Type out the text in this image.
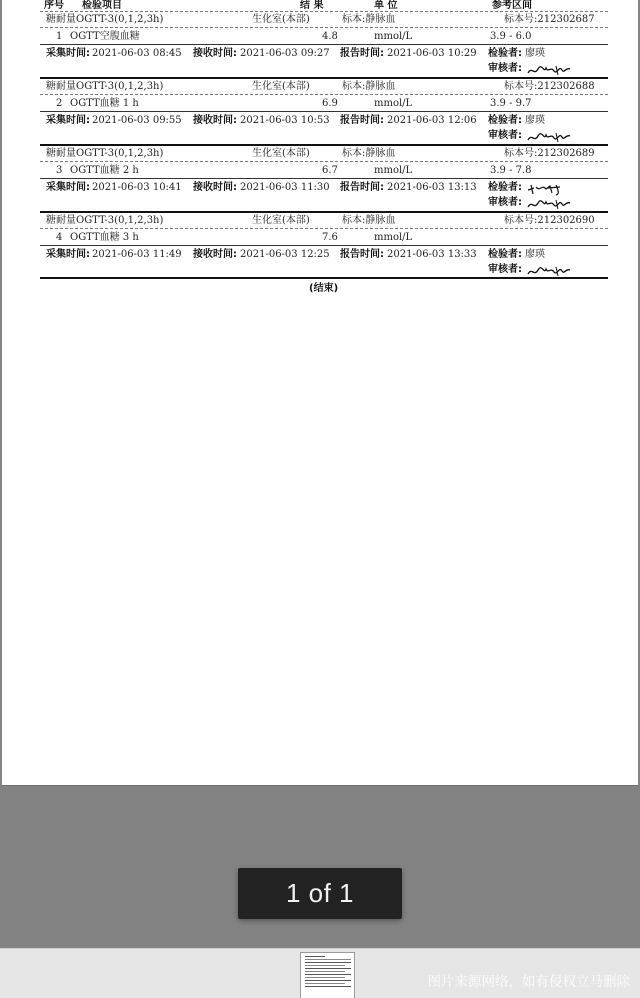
序号 检验项目	结 果	单 位	参考区间
糖耐量OGTT-3(0,1,2,3h)	生化室(本部)	标本:静脉血	标本号:212302687
1 OGTT空腹血糖	4.8	mmol/L	3.9 - 6.0
采集时间: 2021-06-03 08:45 接收时间: 2021-06-03 09:27 报告时间: 2021-06-03 10:29 检验者: 廖瑛
审核者:
糖耐量OGTT-3(0,1,2,3h)	生化室(本部)	标本:静脉血	标本号:212302688
2 OGTT血糖 1 h	6.9	mmol/L	3.9 - 9.7
采集时间: 2021-06-03 09:55 接收时间: 2021-06-03 10:53 报告时间: 2021-06-03 12:06 检验者: 廖瑛
审核者:
糖耐量OGTT-3(0,1,2,3h)	生化室(本部)	标本:静脉血	标本号:212302689
3 OGTT血糖 2 h	6.7	mmol/L	3.9 - 7.8
采集时间: 2021-06-03 10:41 接收时间: 2021-06-03 11:30 报告时间: 2021-06-03 13:13 检验者:
审核者:
糖耐量OGTT-3(0,1,2,3h)	生化室(本部)	标本:静脉血	标本号:212302690
4 OGTT血糖 3 h	7.6	mmol/L
采集时间: 2021-06-03 11:49 接收时间: 2021-06-03 12:25 报告时间: 2021-06-03 13:33 检验者: 廖瑛
审核者:
(结束)
1 of 1
图片来源网络，如有侵权立马删除
